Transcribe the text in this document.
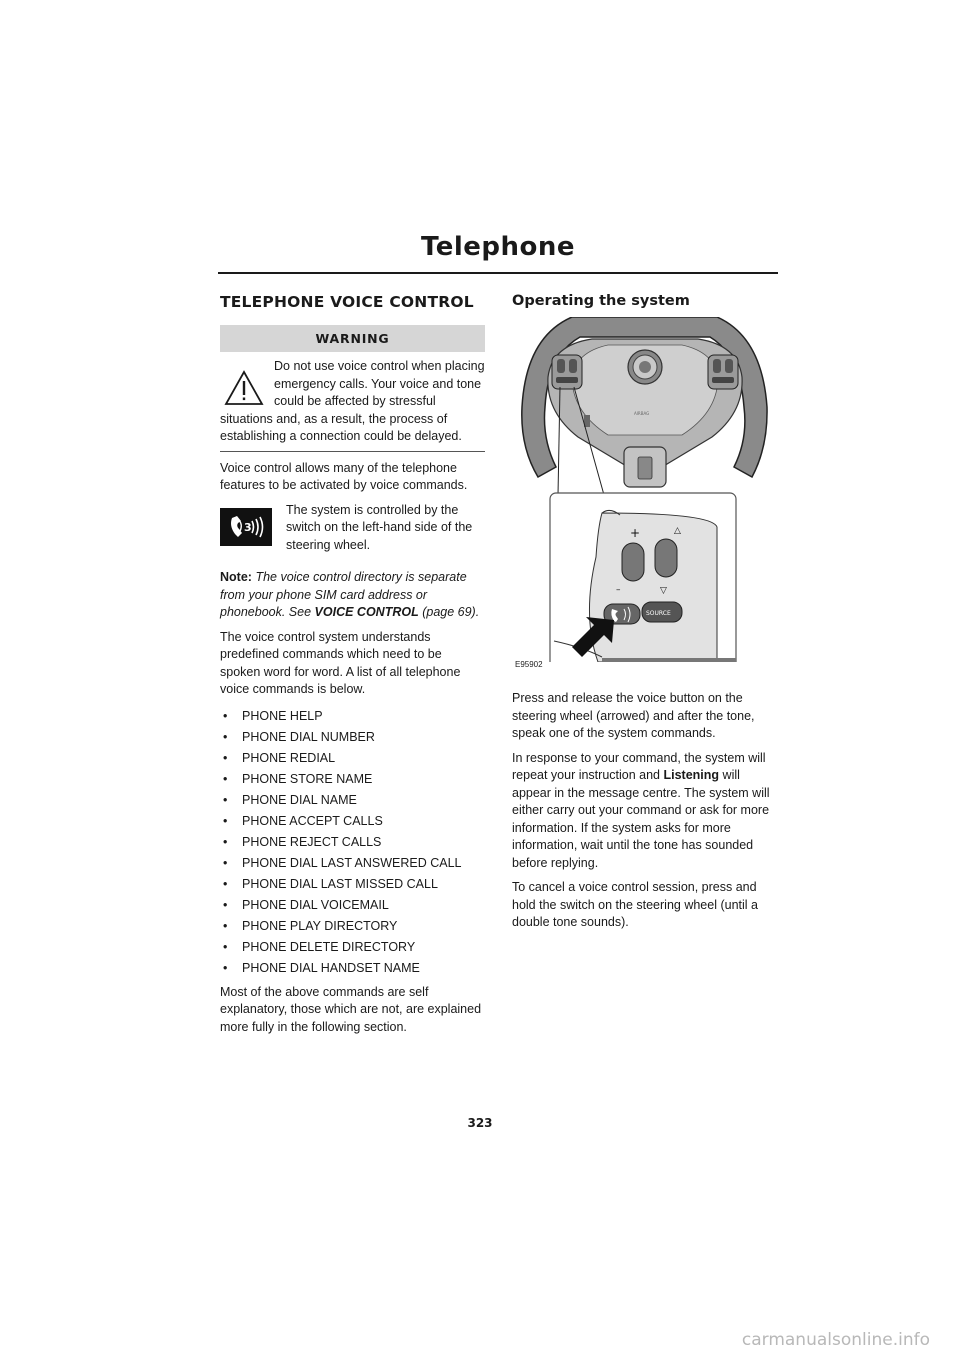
Telephone
TELEPHONE VOICE CONTROL
WARNING

Do not use voice control when placing emergency calls. Your voice and tone could be affected by stressful situations and, as a result, the process of establishing a connection could be delayed.

Voice control allows many of the telephone features to be activated by voice commands.

3

The system is controlled by the switch on the left-hand side of the steering wheel.

Note: The voice control directory is separate from your phone SIM card address or phonebook. See VOICE CONTROL (page 69).

The voice control system understands predefined commands which need to be spoken word for word. A list of all telephone voice commands is below.

• PHONE HELP
• PHONE DIAL NUMBER
• PHONE REDIAL
• PHONE STORE NAME
• PHONE DIAL NAME
• PHONE ACCEPT CALLS
• PHONE REJECT CALLS
• PHONE DIAL LAST ANSWERED CALL
• PHONE DIAL LAST MISSED CALL
• PHONE DIAL VOICEMAIL
• PHONE PLAY DIRECTORY
• PHONE DELETE DIRECTORY
• PHONE DIAL HANDSET NAME

Most of the above commands are self explanatory, those which are not, are explained more fully in the following section.

Operating the system
AIRBAG
+
–
△
▽
SOURCE
E95902

Press and release the voice button on the steering wheel (arrowed) and after the tone, speak one of the system commands.

In response to your command, the system will repeat your instruction and Listening will appear in the message centre. The system will either carry out your command or ask for more information. If the system asks for more information, wait until the tone has sounded before replying.

To cancel a voice control session, press and hold the switch on the steering wheel (until a double tone sounds).

323
carmanualsonline.info
